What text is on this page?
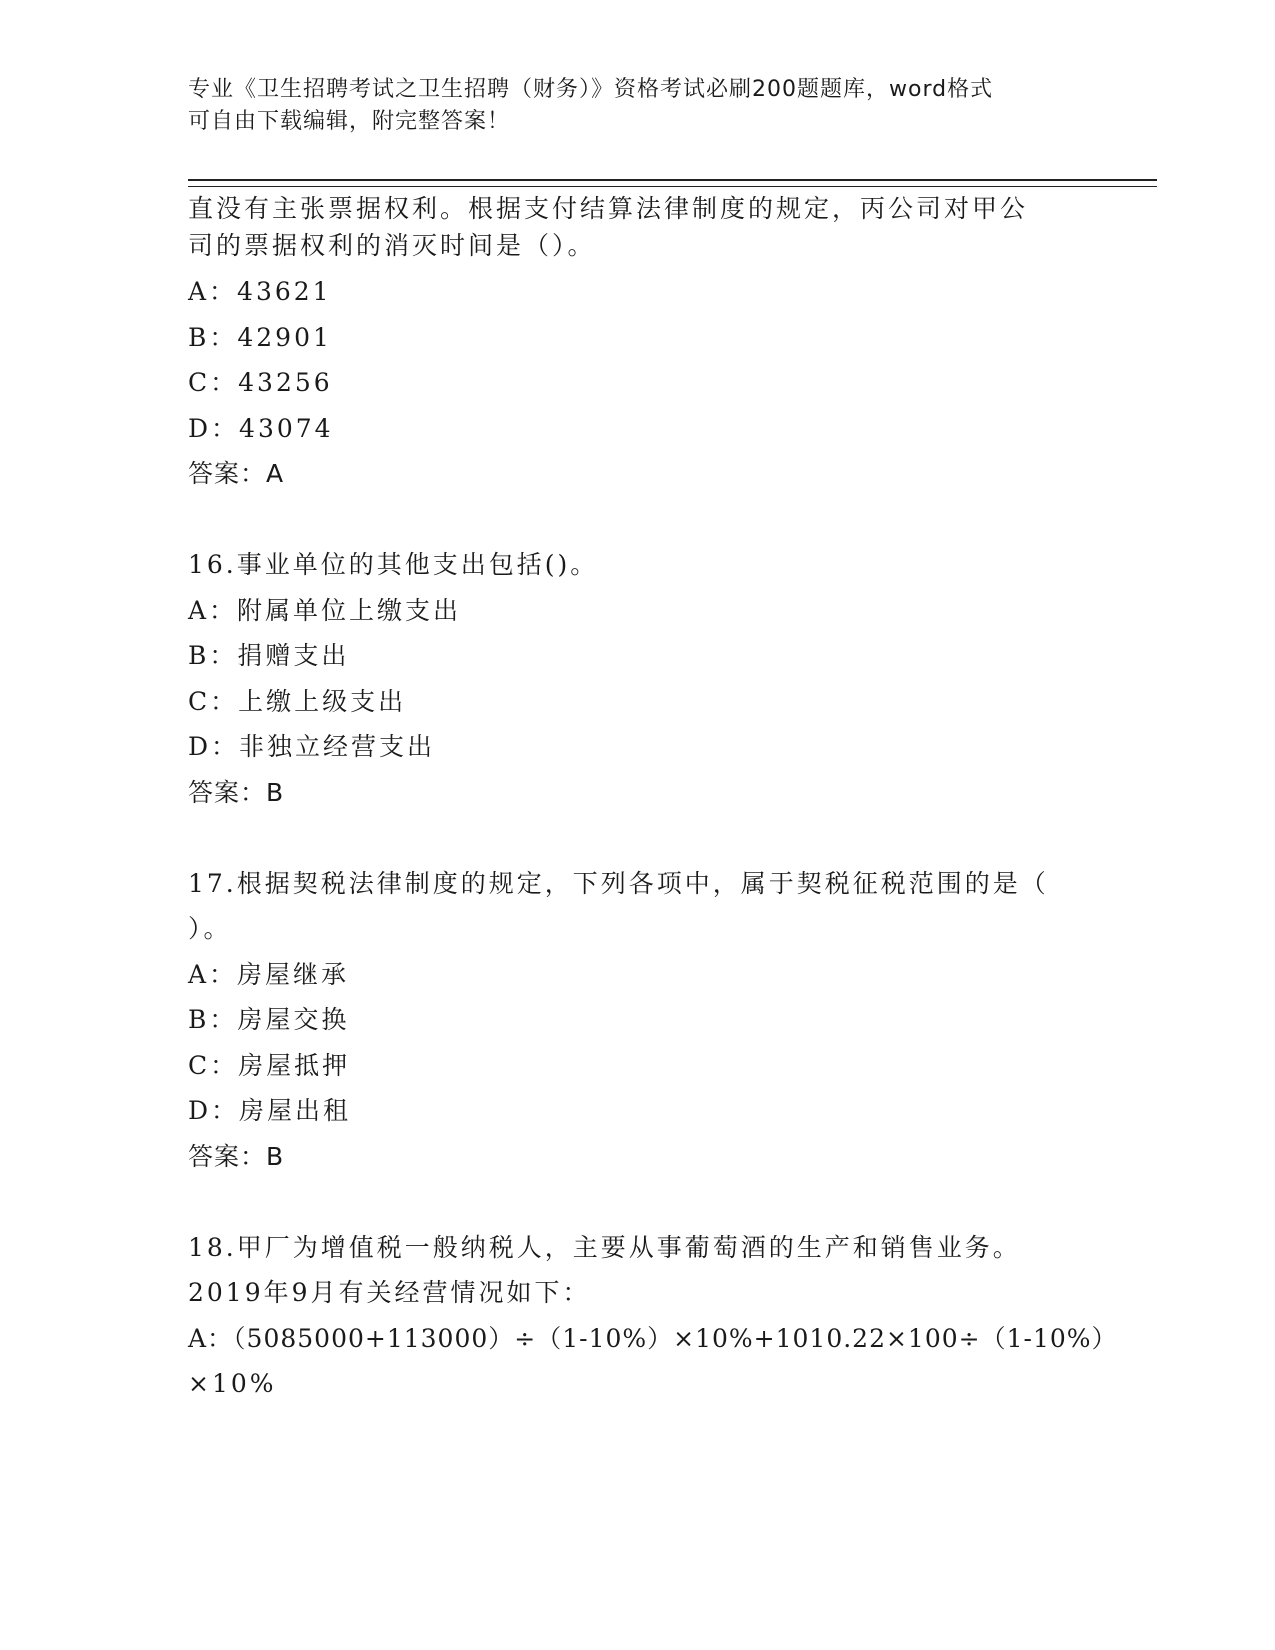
专业《卫生招聘考试之卫生招聘（财务）》资格考试必刷200题题库，word格式
可自由下载编辑，附完整答案！
直没有主张票据权利。根据支付结算法律制度的规定，丙公司对甲公
司的票据权利的消灭时间是（）。
A：43621
B：42901
C：43256
D：43074
答案：A
16.事业单位的其他支出包括()。
A：附属单位上缴支出
B：捐赠支出
C：上缴上级支出
D：非独立经营支出
答案：B
17.根据契税法律制度的规定，下列各项中，属于契税征税范围的是（
）。
A：房屋继承
B：房屋交换
C：房屋抵押
D：房屋出租
答案：B
18.甲厂为增值税一般纳税人，主要从事葡萄酒的生产和销售业务。
2019年9月有关经营情况如下：
A：（5085000+113000）÷（1-10%）×10%+1010.22×100÷（1-10%）
×10%
